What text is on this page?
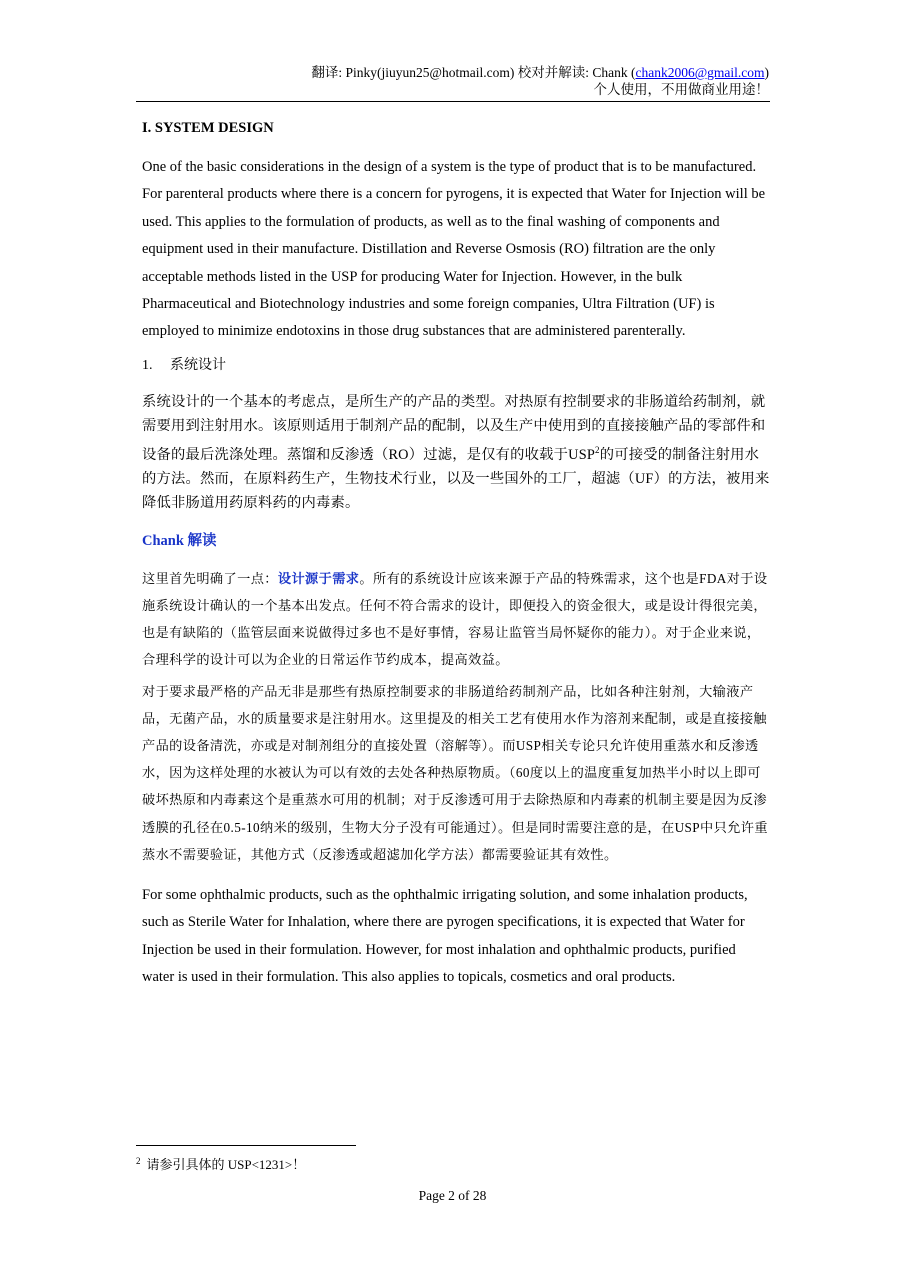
翻译: Pinky(jiuyun25@hotmail.com) 校对并解读: Chank (chank2006@gmail.com)
个人使用，不用做商业用途！
I. SYSTEM DESIGN

One of the basic considerations in the design of a system is the type of product that is to be manufactured. For parenteral products where there is a concern for pyrogens, it is expected that Water for Injection will be used. This applies to the formulation of products, as well as to the final washing of components and equipment used in their manufacture. Distillation and Reverse Osmosis (RO) filtration are the only acceptable methods listed in the USP for producing Water for Injection. However, in the bulk Pharmaceutical and Biotechnology industries and some foreign companies, Ultra Filtration (UF) is employed to minimize endotoxins in those drug substances that are administered parenterally.

1. 系统设计

系统设计的一个基本的考虑点，是所生产的产品的类型。对热原有控制要求的非肠道给药制剂，就需要用到注射用水。该原则适用于制剂产品的配制，以及生产中使用到的直接接触产品的零部件和设备的最后洗涤处理。蒸馏和反渗透（RO）过滤，是仅有的收载于USP$^2$的可接受的制备注射用水的方法。然而，在原料药生产，生物技术行业，以及一些国外的工厂，超滤（UF）的方法，被用来降低非肠道用药原料药的内毒素。

Chank 解读

这里首先明确了一点：设计源于需求。所有的系统设计应该来源于产品的特殊需求，这个也是FDA对于设施系统设计确认的一个基本出发点。任何不符合需求的设计，即便投入的资金很大，或是设计得很完美，也是有缺陷的（监管层面来说做得过多也不是好事情，容易让监管当局怀疑你的能力）。对于企业来说，合理科学的设计可以为企业的日常运作节约成本，提高效益。

对于要求最严格的产品无非是那些有热原控制要求的非肠道给药制剂产品，比如各种注射剂，大输液产品，无菌产品，水的质量要求是注射用水。这里提及的相关工艺有使用水作为溶剂来配制，或是直接接触产品的设备清洗，亦或是对制剂组分的直接处置（溶解等）。而USP相关专论只允许使用重蒸水和反渗透水，因为这样处理的水被认为可以有效的去处各种热原物质。（60度以上的温度重复加热半小时以上即可破坏热原和内毒素这个是重蒸水可用的机制；对于反渗透可用于去除热原和内毒素的机制主要是因为反渗透膜的孔径在0.5-10纳米的级别，生物大分子没有可能通过）。但是同时需要注意的是，在USP中只允许重蒸水不需要验证，其他方式（反渗透或超滤加化学方法）都需要验证其有效性。

For some ophthalmic products, such as the ophthalmic irrigating solution, and some inhalation products, such as Sterile Water for Inhalation, where there are pyrogen specifications, it is expected that Water for Injection be used in their formulation. However, for most inhalation and ophthalmic products, purified water is used in their formulation. This also applies to topicals, cosmetics and oral products.

$^2$ 请参引具体的 USP<1231>！
Page 2 of 28
